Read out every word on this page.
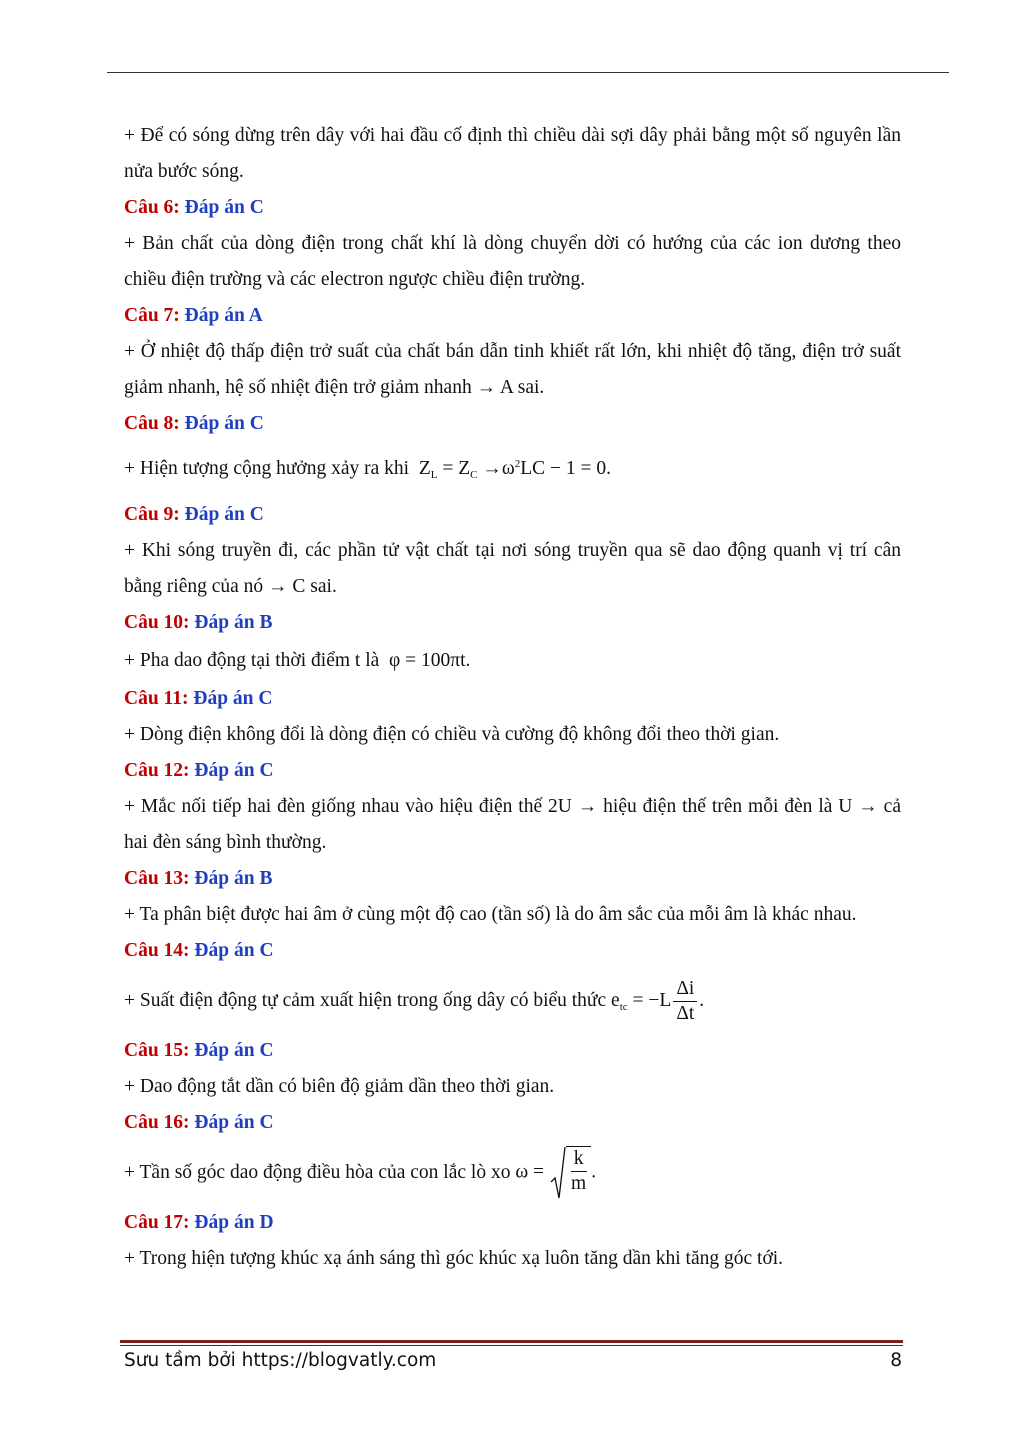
+ Để có sóng dừng trên dây với hai đầu cố định thì chiều dài sợi dây phải bằng một số nguyên lần nửa bước sóng.

Câu 6: Đáp án C

+ Bản chất của dòng điện trong chất khí là dòng chuyển dời có hướng của các ion dương theo chiều điện trường và các electron ngược chiều điện trường.

Câu 7: Đáp án A

+ Ở nhiệt độ thấp điện trở suất của chất bán dẫn tinh khiết rất lớn, khi nhiệt độ tăng, điện trở suất giảm nhanh, hệ số nhiệt điện trở giảm nhanh → A sai.

Câu 8: Đáp án C

+ Hiện tượng cộng hưởng xảy ra khi $Z_L = Z_C \to\omega^2LC - 1 = 0$.

Câu 9: Đáp án C

+ Khi sóng truyền đi, các phần tử vật chất tại nơi sóng truyền qua sẽ dao động quanh vị trí cân bằng riêng của nó → C sai.

Câu 10: Đáp án B

+ Pha dao động tại thời điểm t là φ = 100πt.

Câu 11: Đáp án C

+ Dòng điện không đổi là dòng điện có chiều và cường độ không đổi theo thời gian.

Câu 12: Đáp án C

+ Mắc nối tiếp hai đèn giống nhau vào hiệu điện thế 2U → hiệu điện thế trên mỗi đèn là U → cả hai đèn sáng bình thường.

Câu 13: Đáp án B

+ Ta phân biệt được hai âm ở cùng một độ cao (tần số) là do âm sắc của mỗi âm là khác nhau.

Câu 14: Đáp án C

+ Suất điện động tự cảm xuất hiện trong ống dây có biểu thức
$e_{tc} = -L \frac{\Delta i}{\Delta t}$ .

Câu 15: Đáp án C

+ Dao động tắt dần có biên độ giảm dần theo thời gian.

Câu 16: Đáp án C

+ Tần số góc dao động điều hòa của con lắc lò xo
$\omega = \frac{k}{m}$ .

Câu 17: Đáp án D

+ Trong hiện tượng khúc xạ ánh sáng thì góc khúc xạ luôn tăng dần khi tăng góc tới.

Sưu tầm bởi https://blogvatly.com	8
